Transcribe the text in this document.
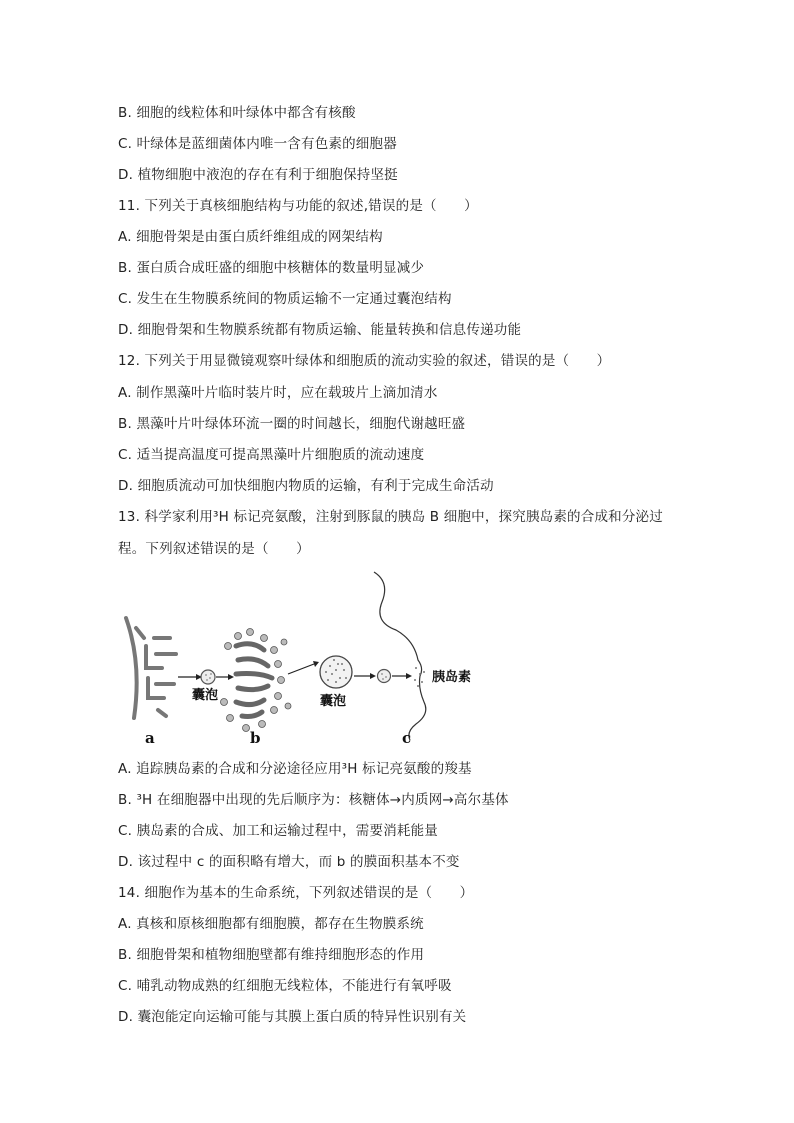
B. 细胞的线粒体和叶绿体中都含有核酸
C. 叶绿体是蓝细菌体内唯一含有色素的细胞器
D. 植物细胞中液泡的存在有利于细胞保持坚挺
11. 下列关于真核细胞结构与功能的叙述,错误的是（　　）
A. 细胞骨架是由蛋白质纤维组成的网架结构
B. 蛋白质合成旺盛的细胞中核糖体的数量明显减少
C. 发生在生物膜系统间的物质运输不一定通过囊泡结构
D. 细胞骨架和生物膜系统都有物质运输、能量转换和信息传递功能
12. 下列关于用显微镜观察叶绿体和细胞质的流动实验的叙述，错误的是（　　）
A. 制作黑藻叶片临时装片时，应在载玻片上滴加清水
B. 黑藻叶片叶绿体环流一圈的时间越长，细胞代谢越旺盛
C. 适当提高温度可提高黑藻叶片细胞质的流动速度
D. 细胞质流动可加快细胞内物质的运输，有利于完成生命活动
13. 科学家利用³H 标记亮氨酸，注射到豚鼠的胰岛 B 细胞中，探究胰岛素的合成和分泌过
程。下列叙述错误的是（　　）
囊泡	囊泡
胰岛素
a	b	c
A. 追踪胰岛素的合成和分泌途径应用³H 标记亮氨酸的羧基
B. ³H 在细胞器中出现的先后顺序为：核糖体→内质网→高尔基体
C. 胰岛素的合成、加工和运输过程中，需要消耗能量
D. 该过程中 c 的面积略有增大，而 b 的膜面积基本不变
14. 细胞作为基本的生命系统，下列叙述错误的是（　　）
A. 真核和原核细胞都有细胞膜，都存在生物膜系统
B. 细胞骨架和植物细胞壁都有维持细胞形态的作用
C. 哺乳动物成熟的红细胞无线粒体，不能进行有氧呼吸
D. 囊泡能定向运输可能与其膜上蛋白质的特异性识别有关
